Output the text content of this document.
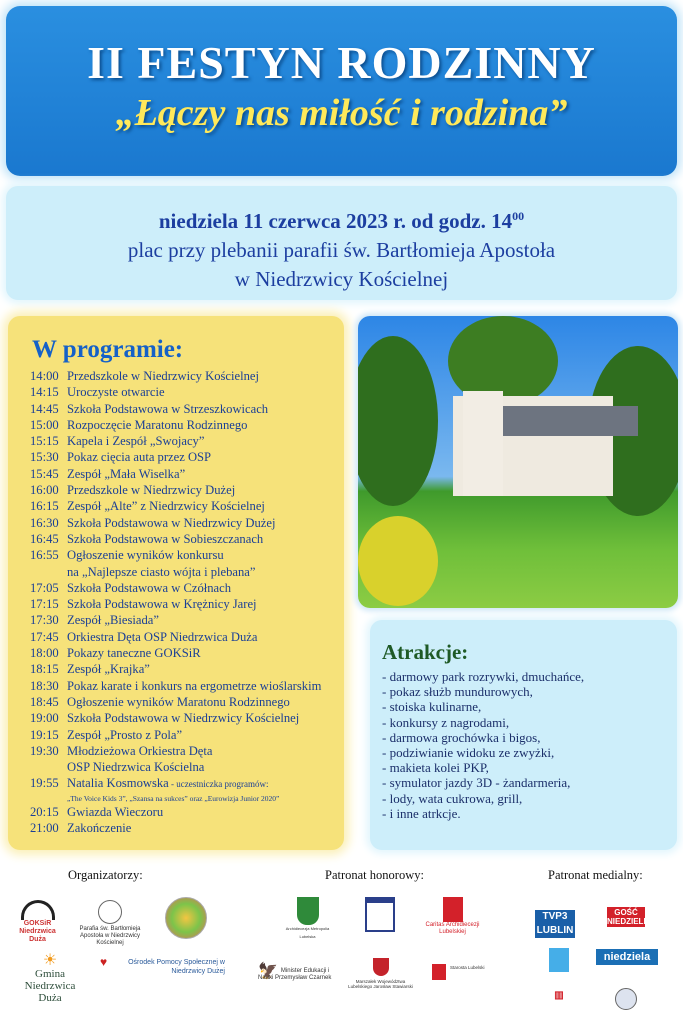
II FESTYN RODZINNY
„Łączy nas miłość i rodzina”
niedziela 11 czerwca 2023 r. od godz. $14^{00}$
plac przy plebanii parafii św. Bartłomieja Apostoła
w Niedrzwicy Kościelnej
W programie:
14:00 Przedszkole w Niedrzwicy Kościelnej
14:15 Uroczyste otwarcie
14:45 Szkoła Podstawowa w Strzeszkowicach
15:00 Rozpoczęcie Maratonu Rodzinnego
15:15 Kapela i Zespół „Swojacy”
15:30 Pokaz cięcia auta przez OSP
15:45 Zespół „Mała Wiselka”
16:00 Przedszkole w Niedrzwicy Dużej
16:15 Zespół „Alte” z Niedrzwicy Kościelnej
16:30 Szkoła Podstawowa w Niedrzwicy Dużej
16:45 Szkoła Podstawowa w Sobieszczanach
16:55 Ogłoszenie wyników konkursu
na „Najlepsze ciasto wójta i plebana”
17:05 Szkoła Podstawowa w Czółnach
17:15 Szkoła Podstawowa w Krężnicy Jarej
17:30 Zespół „Biesiada”
17:45 Orkiestra Dęta OSP Niedrzwica Duża
18:00 Pokazy taneczne GOKSiR
18:15 Zespół „Krajka”
18:30 Pokaz karate i konkurs na ergometrze wioślarskim
18:45 Ogłoszenie wyników Maratonu Rodzinnego
19:00 Szkoła Podstawowa w Niedrzwicy Kościelnej
19:15 Zespół „Prosto z Pola”
19:30 Młodzieżowa Orkiestra Dęta
OSP Niedrzwica Kościelna
19:55 Natalia Kosmowska - uczestniczka programów:
„The Voice Kids 3”, „Szansa na sukces” oraz „Eurowizja Junior 2020”
20:15 Gwiazda Wieczoru
21:00 Zakończenie
Atrakcje:
- darmowy park rozrywki, dmuchańce,
- pokaz służb mundurowych,
- stoiska kulinarne,
- konkursy z nagrodami,
- darmowa grochówka i bigos,
- podziwianie widoku ze zwyżki,
- makieta kolei PKP,
- symulator jazdy 3D - żandarmeria,
- lody, wata cukrowa, grill,
- i inne atrkcje.
Organizatorzy:	Patronat honorowy:	Patronat medialny:
GOKSiR Niedrzwica Duża
Parafia św. Bartłomieja Apostoła w Niedrzwicy Kościelnej
☀
Gmina Niedrzwica Duża
♥	Ośrodek Pomocy Społecznej w Niedrzwicy Dużej
Archidiecezja Metropolia Lubelska
Caritas Archidiecezji Lubelskiej
🦅 Minister Edukacji i Nauki Przemysław Czarnek
Marszałek Województwa Lubelskiego Jarosław Stawiarski
Starosta Lubelski
TVP3 LUBLIN
GOŚĆ NIEDZIELNY
niedziela
▥
